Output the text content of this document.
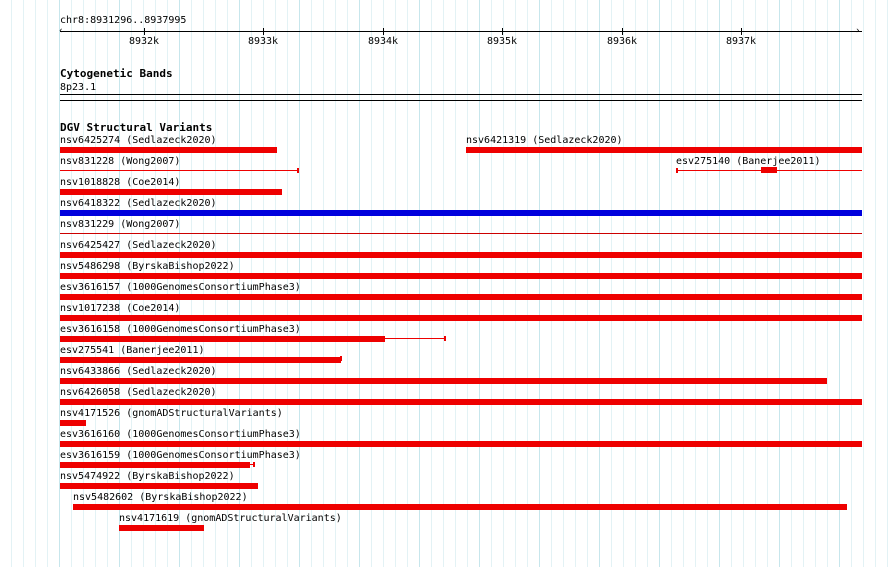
chr8:8931296..8937995
‹	›
8932k	8933k	8934k	8935k	8936k	8937k
Cytogenetic Bands
8p23.1
DGV Structural Variants
nsv6425274 (Sedlazeck2020)	nsv6421319 (Sedlazeck2020)
nsv831228 (Wong2007)	esv275140 (Banerjee2011)
nsv1018828 (Coe2014)
nsv6418322 (Sedlazeck2020)
nsv831229 (Wong2007)
nsv6425427 (Sedlazeck2020)
nsv5486298 (ByrskaBishop2022)
esv3616157 (1000GenomesConsortiumPhase3)
nsv1017238 (Coe2014)
esv3616158 (1000GenomesConsortiumPhase3)
esv275541 (Banerjee2011)
nsv6433866 (Sedlazeck2020)
nsv6426058 (Sedlazeck2020)
nsv4171526 (gnomADStructuralVariants)
esv3616160 (1000GenomesConsortiumPhase3)
esv3616159 (1000GenomesConsortiumPhase3)
nsv5474922 (ByrskaBishop2022)
nsv5482602 (ByrskaBishop2022)
nsv4171619 (gnomADStructuralVariants)
